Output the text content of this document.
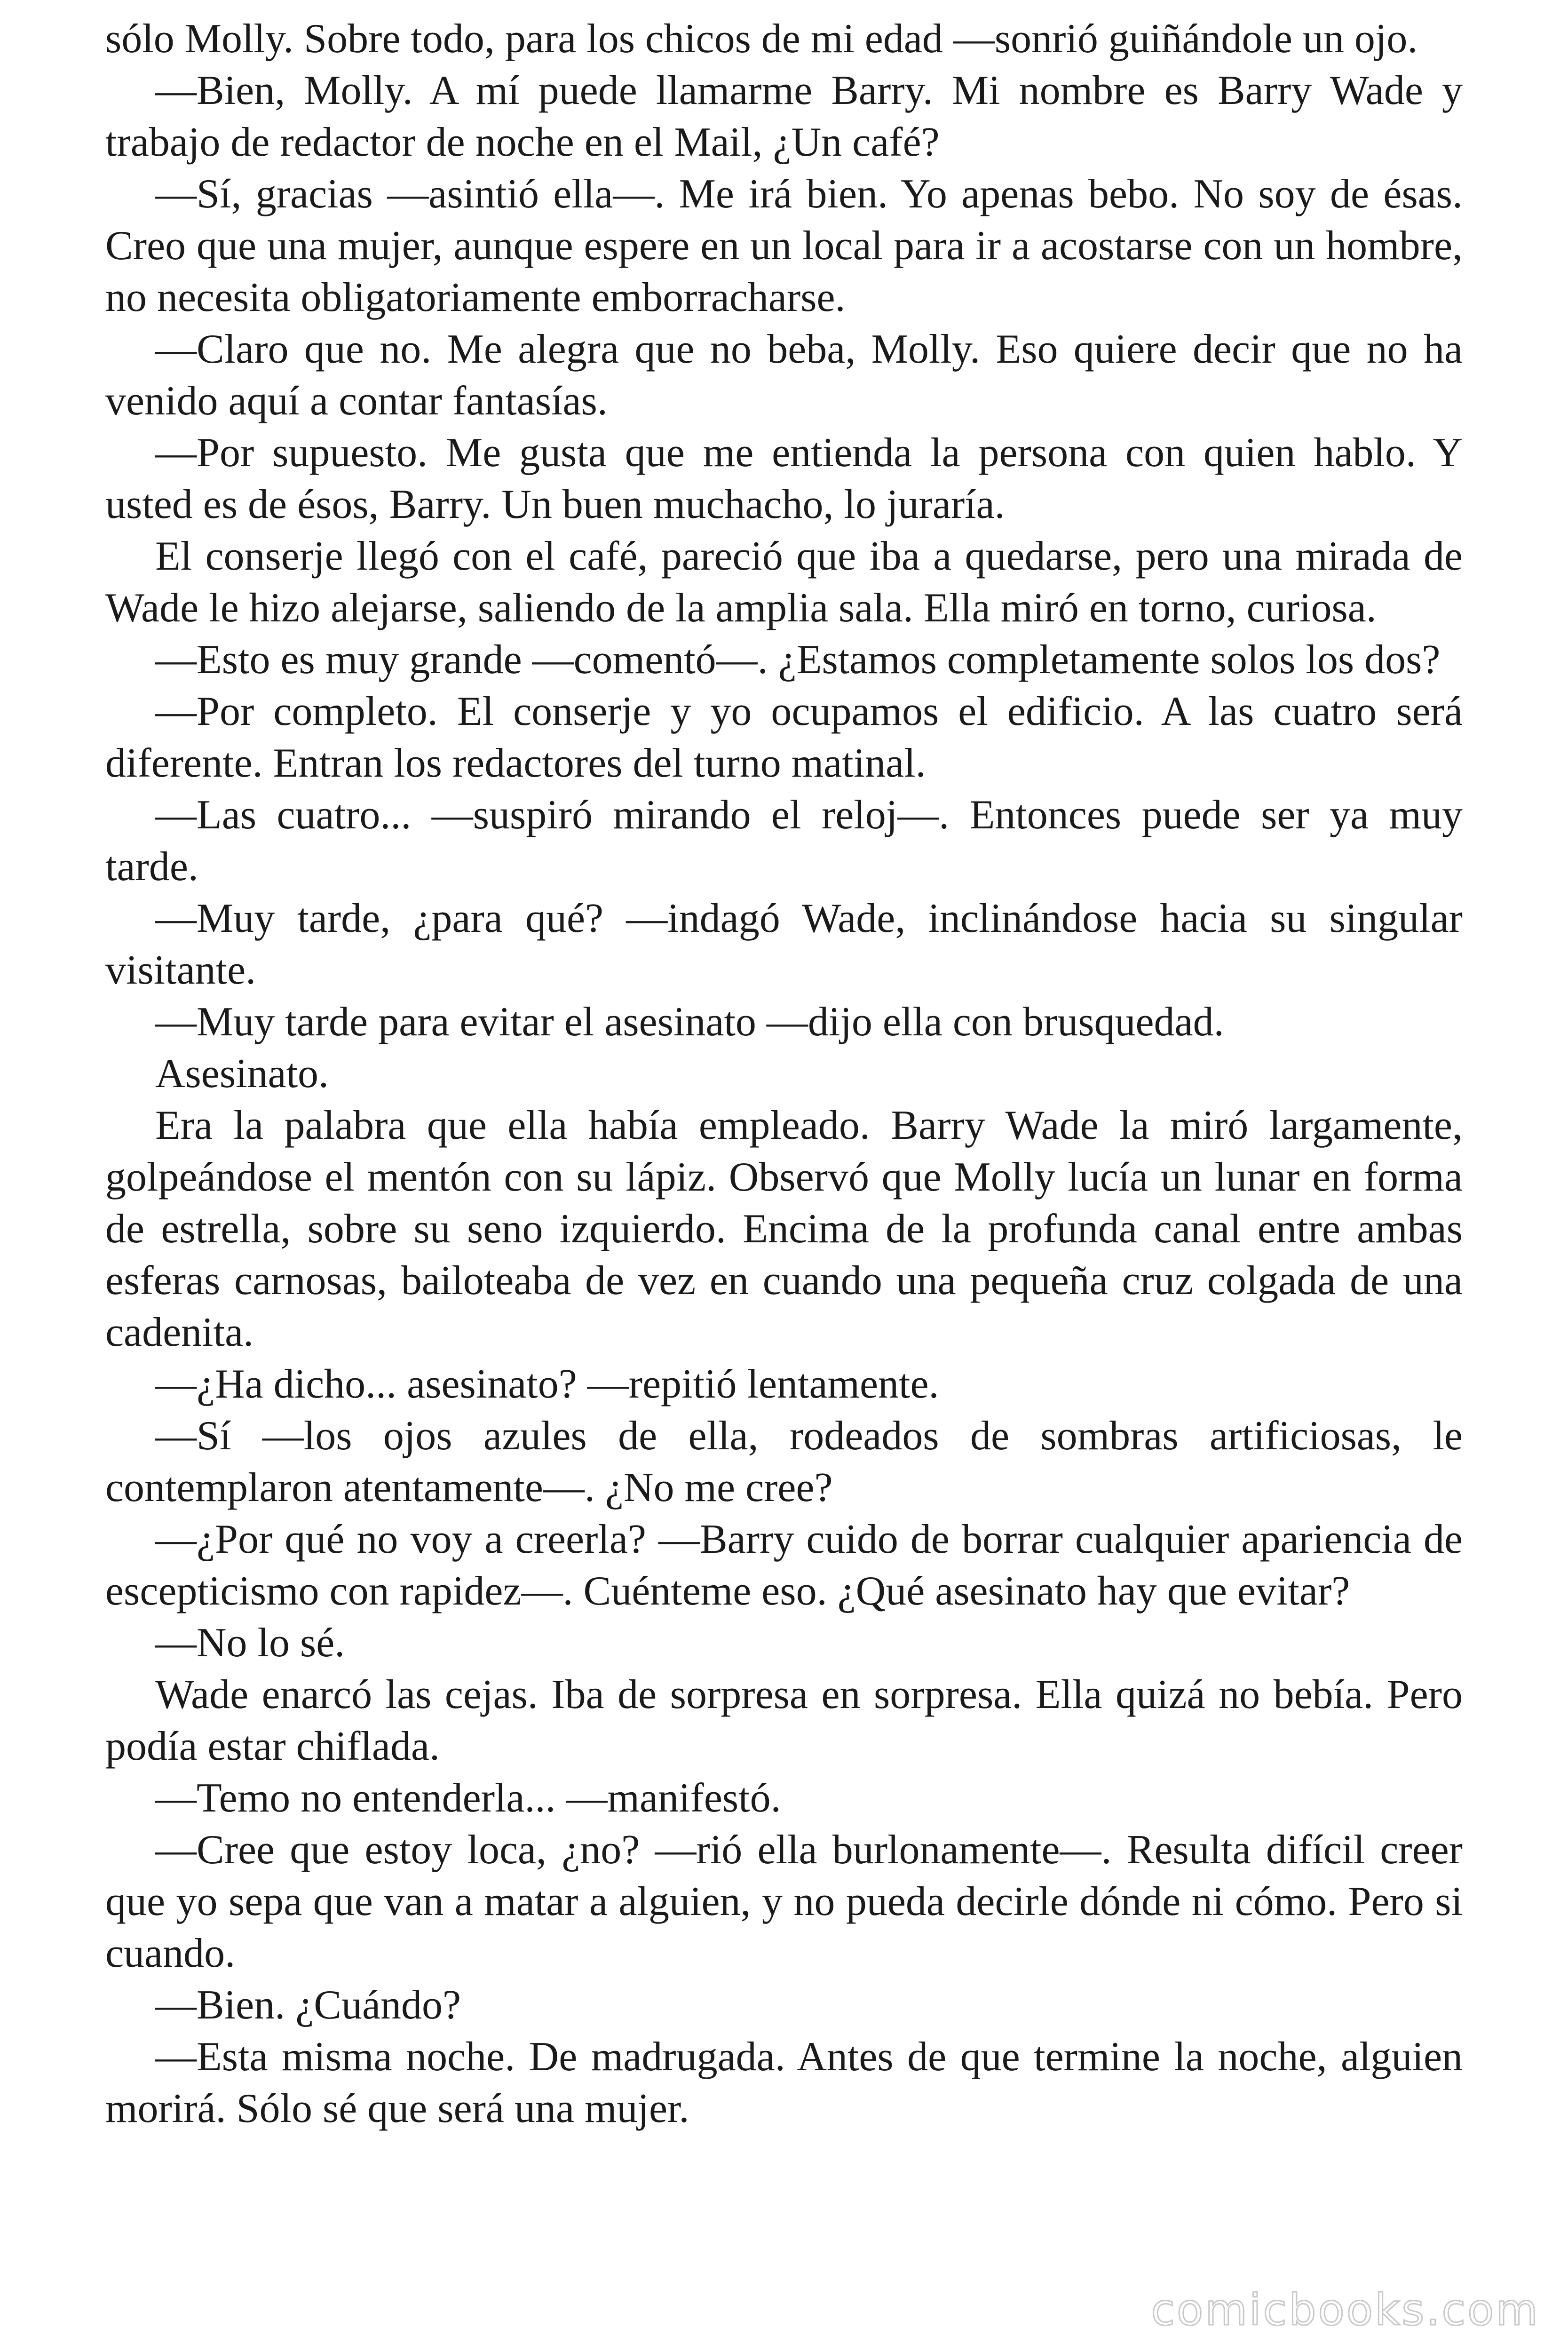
sólo Molly. Sobre todo, para los chicos de mi edad —sonrió guiñándole un ojo.

—Bien, Molly. A mí puede llamarme Barry. Mi nombre es Barry Wade y trabajo de redactor de noche en el Mail, ¿Un café?

—Sí, gracias —asintió ella—. Me irá bien. Yo apenas bebo. No soy de ésas. Creo que una mujer, aunque espere en un local para ir a acostarse con un hombre, no necesita obligatoriamente emborracharse.

—Claro que no. Me alegra que no beba, Molly. Eso quiere decir que no ha venido aquí a contar fantasías.

—Por supuesto. Me gusta que me entienda la persona con quien hablo. Y usted es de ésos, Barry. Un buen muchacho, lo juraría.

El conserje llegó con el café, pareció que iba a quedarse, pero una mirada de Wade le hizo alejarse, saliendo de la amplia sala. Ella miró en torno, curiosa.

—Esto es muy grande —comentó—. ¿Estamos completamente solos los dos?

—Por completo. El conserje y yo ocupamos el edificio. A las cuatro será diferente. Entran los redactores del turno matinal.

—Las cuatro... —suspiró mirando el reloj—. Entonces puede ser ya muy tarde.

—Muy tarde, ¿para qué? —indagó Wade, inclinándose hacia su singular visitante.

—Muy tarde para evitar el asesinato —dijo ella con brusquedad.

Asesinato.

Era la palabra que ella había empleado. Barry Wade la miró largamente, golpeándose el mentón con su lápiz. Observó que Molly lucía un lunar en forma de estrella, sobre su seno izquierdo. Encima de la profunda canal entre ambas esferas carnosas, bailoteaba de vez en cuando una pequeña cruz colgada de una cadenita.

—¿Ha dicho... asesinato? —repitió lentamente.

—Sí —los ojos azules de ella, rodeados de sombras artificiosas, le contemplaron atentamente—. ¿No me cree?

—¿Por qué no voy a creerla? —Barry cuido de borrar cualquier apariencia de escepticismo con rapidez—. Cuénteme eso. ¿Qué asesinato hay que evitar?

—No lo sé.

Wade enarcó las cejas. Iba de sorpresa en sorpresa. Ella quizá no bebía. Pero podía estar chiflada.

—Temo no entenderla... —manifestó.

—Cree que estoy loca, ¿no? —rió ella burlonamente—. Resulta difícil creer que yo sepa que van a matar a alguien, y no pueda decirle dónde ni cómo. Pero si cuando.

—Bien. ¿Cuándo?

—Esta misma noche. De madrugada. Antes de que termine la noche, alguien morirá. Sólo sé que será una mujer.

comicbooks.com
